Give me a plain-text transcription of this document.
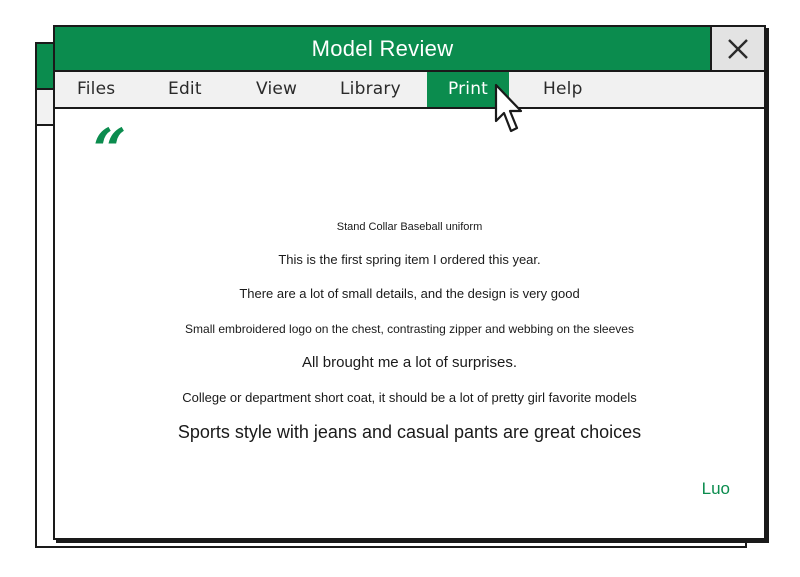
Model Review
Files	Edit	View	Library	Print	Help
“
Stand Collar Baseball uniform
This is the first spring item I ordered this year.
There are a lot of small details, and the design is very good
Small embroidered logo on the chest, contrasting zipper and webbing on the sleeves
All brought me a lot of surprises.
College or department short coat, it should be a lot of pretty girl favorite models
Sports style with jeans and casual pants are great choices
Luo
